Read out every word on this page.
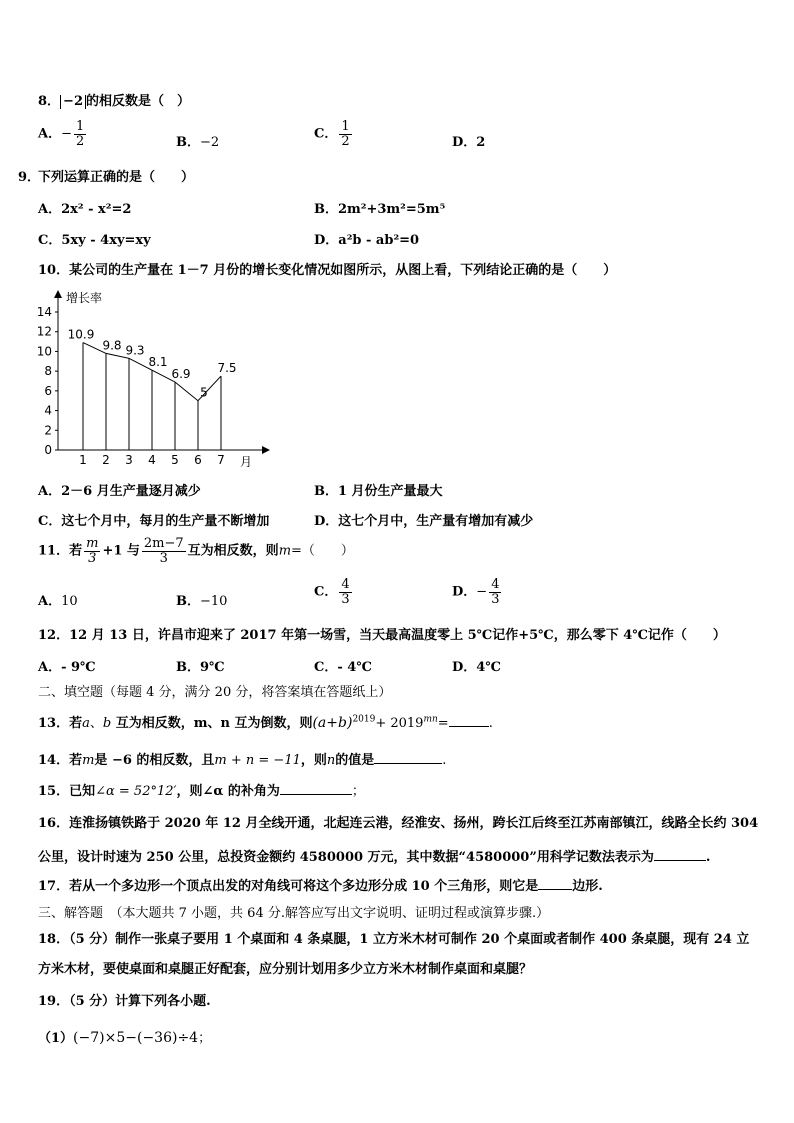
8． −2 的相反数是（　）
A．− $\frac{1}{2}$	B．−2
C． $\frac{1}{2}$	D．2
下列运算正确的是（　　）
9．
A．2x² - x²=2	B．2m²+3m²=5m⁵
C．5xy - 4xy=xy	D．a²b - ab²=0
10．某公司的生产量在 1－7 月份的增长变化情况如图所示，从图上看，下列结论正确的是（　　）
0
2
4
6
8
10
12
14
1 2 3 4 5 6 7
10.9
9.8 9.3
8.1
6.9
5
7.5
增长率
月
A．2－6 月生产量逐月减少	B．1 月份生产量最大
C．这七个月中，每月的生产量不断增加	D．这七个月中，生产量有增加有减少
11．若 $\frac{m}{3} +1$ 与 $\frac{2m-7}{3}$ 互为相反数，则m=（　　）
A．10	B．−10
C． $\frac{4}{3}$	D．− $\frac{4}{3}$
12．12 月 13 日，许昌市迎来了 2017 年第一场雪，当天最高温度零上 5℃记作+5℃，那么零下 4℃记作（　　）
A．- 9℃	B．9℃	C．- 4℃	D．4℃
二、填空题（每题 4 分，满分 20 分，将答案填在答题纸上）
13．若a、b 互为相反数，m、n 互为倒数，则$(a+b)^{2019}+ 2019^{mn}=$	.
14．若m是 −6 的相反数，且m + n = −11，则n的值是	.
15．已知∠α = 52°12′，则∠α 的补角为	；
16．连淮扬镇铁路于 2020 年 12 月全线开通，北起连云港，经淮安、扬州，跨长江后终至江苏南部镇江，线路全长约 304
公里，设计时速为 250 公里，总投资金额约 4580000 万元，其中数据“4580000”用科学记数法表示为	.
17．若从一个多边形一个顶点出发的对角线可将这个多边形分成 10 个三角形，则它是	边形.
三、解答题　（本大题共 7 小题，共 64 分.解答应写出文字说明、证明过程或演算步骤.）
18．（5 分）制作一张桌子要用 1 个桌面和 4 条桌腿，1 立方米木材可制作 20 个桌面或者制作 400 条桌腿，现有 24 立
方米木材，要使桌面和桌腿正好配套，应分别计划用多少立方米木材制作桌面和桌腿？
19．（5 分）计算下列各小题.
（1）(−7)×5−(−36)÷4；
